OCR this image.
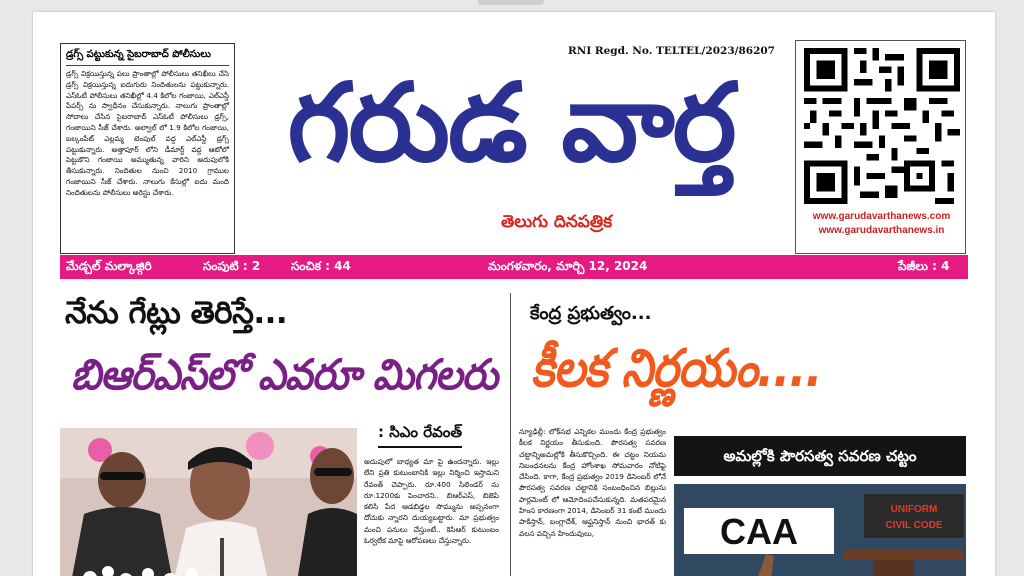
డ్రగ్స్ పట్టుకున్న సైబరాబాద్ పోలీసులు
డ్రగ్స్ విక్రయిస్తున్న పలు ప్రాంతాల్లో పోలీసులు తనిఖీలు చేసి డ్రగ్స్ విక్రయిస్తున్న ఐదుగురు నిందితులను పట్టుకున్నారు. ఎస్ఓటీ పోలీసులు తనిఖీల్లో 4.4 కిలోల గంజాయి, ఎల్ఎస్డీ పేపర్స్ ను స్వాధీనం చేసుకున్నారు. నాలుగు ప్రాంతాల్లో సోదాలు చేసిన సైబరాబాద్ ఎస్ఓటీ పోలీసులు డ్రగ్స్, గంజాయిని సీజ్ చేశారు. అల్వాల్ లో 1.9 కిలోల గంజాయి, బల్కంపేట్ ఎల్లమ్మ టెంపుల్ వద్ద ఎల్ఎస్డీ డ్రగ్స్ పట్టుకున్నారు. అత్తాపూర్ లోని డీమార్ట్ వద్ద ఆటోలో పెట్టుకొని గంజాయి అమ్ముతున్న వారిని అదుపులోకి తీసుకున్నారు. నిందితుల నుంచి 2010 గ్రాముల గంజాయిని సీజ్ చేశారు. నాలుగు కేసుల్లో ఐదు మంది నిందితులను పోలీసులు అరెస్టు చేశారు.
RNI Regd. No. TELTEL/2023/86207
గరుడ వార్త
తెలుగు దినపత్రిక	www.garudavarthanews.com
www.garudavarthanews.in
మేడ్చల్ మల్కాజ్గిరి	సంపుటి : 2	సంచిక : 44	మంగళవారం, మార్చి 12, 2024	పేజీలు : 4
నేను గేట్లు తెరిస్తే...
బిఆర్ఎస్‌లో ఎవరూ మిగలరు
: సిఎం రేవంత్
అదుపులో బాధ్యత మా పై ఉందన్నారు. ఇల్లు లేని ప్రతి కుటుంబానికి ఇల్లు నిర్మించి ఇస్తామని రేవంత్ చెప్పారు. రూ.400 సిలిండర్ ను రూ.1200కు పెంచారని.. బిఆర్ఎస్, బిజెపి కలిసి పేద ఆడబిడ్డల సొమ్మును అప్పనంగా దోచుకు న్నారని దుయ్యబట్టారు. మా ప్రభుత్వం మంచి పనులు చేస్తుంటే.. కెసిఆర్ కుటుంబం ఓర్వలేక మాపై ఆరోపణలు చేస్తున్నారు.
కేంద్ర ప్రభుత్వం...
కీలక నిర్ణయం....
న్యూఢిల్లీ: లోక్‌సభ ఎన్నికల ముందు కేంద్ర ప్రభుత్వం కీలక నిర్ణయం తీసుకుంది. పౌరసత్వ సవరణ చట్టాన్నిఅమల్లోకి తీసుకొచ్చింది. ఈ చట్టం నియమ నిబంధనలను కేంద్ర హోంశాఖ సోమవారం నోటిఫై చేసింది. కాగా, కేంద్ర ప్రభుత్వం 2019 డిసెంబర్ లోనే పౌరసత్వ సవరణ చట్టానికి సంబంధించిన బిల్లును పార్లమెంట్ లో ఆమోదింపచేసుకున్నది. మతపరమైన హింస కారణంగా 2014, డిసెంబర్ 31 కంటే ముందు పాకిస్తాన్, బంగ్లాదేశ్, ఆఫ్ఘనిస్తాన్ నుంచి భారత్ కు వలస వచ్చిన హిందువులు,
అమల్లోకి పౌరసత్వ సవరణ చట్టం
CAA
UNIFORM
CIVIL CODE
